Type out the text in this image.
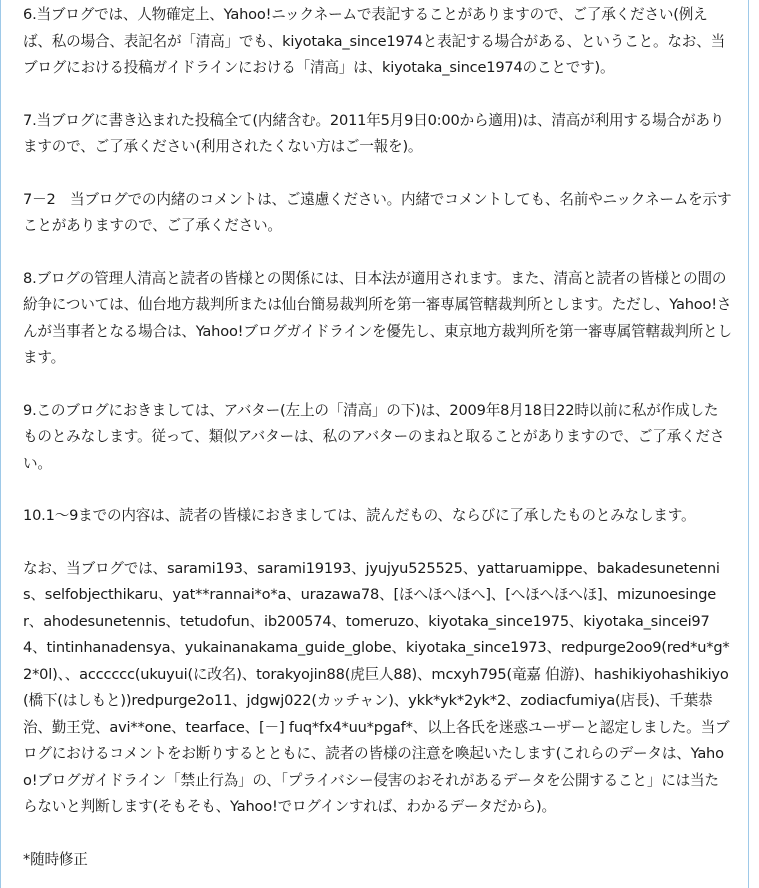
6.当ブログでは、人物確定上、Yahoo!ニックネームで表記することがありますので、ご了承ください(例えば、私の場合、表記名が「清高」でも、kiyotaka_since1974と表記する場合がある、ということ。なお、当ブログにおける投稿ガイドラインにおける「清高」は、kiyotaka_since1974のことです)。

7.当ブログに書き込まれた投稿全て(内緒含む。2011年5月9日0:00から適用)は、清高が利用する場合がありますので、ご了承ください(利用されたくない方はご一報を)。

7－2　当ブログでの内緒のコメントは、ご遠慮ください。内緒でコメントしても、名前やニックネームを示すことがありますので、ご了承ください。

8.ブログの管理人清高と読者の皆様との関係には、日本法が適用されます。また、清高と読者の皆様との間の紛争については、仙台地方裁判所または仙台簡易裁判所を第一審専属管轄裁判所とします。ただし、Yahoo!さんが当事者となる場合は、Yahoo!ブログガイドラインを優先し、東京地方裁判所を第一審専属管轄裁判所とします。

9.このブログにおきましては、アバター(左上の「清高」の下)は、2009年8月18日22時以前に私が作成したものとみなします。従って、類似アバターは、私のアバターのまねと取ることがありますので、ご了承ください。

10.1～9までの内容は、読者の皆様におきましては、読んだもの、ならびに了承したものとみなします。

なお、当ブログでは、sarami193、sarami19193、jyujyu525525、yattaruamippe、bakadesunetennis、selfobjecthikaru、yat**rannai*o*a、urazawa78、[ほへほへほへ]、[へほへほへほ]、mizunoesinger、ahodesunetennis、tetudofun、ib200574、tomeruzo、kiyotaka_since1975、kiyotaka_sincei974、tintinhanadensya、yukainanakama_guide_globe、kiyotaka_since1973、redpurge2oo9(red*u*g*2*0l)、、acccccc(ukuyui(に改名)、torakyojin88(虎巨人88)、mcxyh795(竜嘉 伯游)、hashikiyohashikiyo(橋下(はしもと))redpurge2o11、jdgwj022(カッチャン)、ykk*yk*2yk*2、zodiacfumiya(店長)、千葉恭治、勤王党、avi**one、tearface、[－] fuq*fx4*uu*pgaf*、以上各氏を迷惑ユーザーと認定しました。当ブログにおけるコメントをお断りするとともに、読者の皆様の注意を喚起いたします(これらのデータは、Yahoo!ブログガイドライン「禁止行為」の、「プライバシー侵害のおそれがあるデータを公開すること」には当たらないと判断します(そもそも、Yahoo!でログインすれば、わかるデータだから)。

*随時修正
